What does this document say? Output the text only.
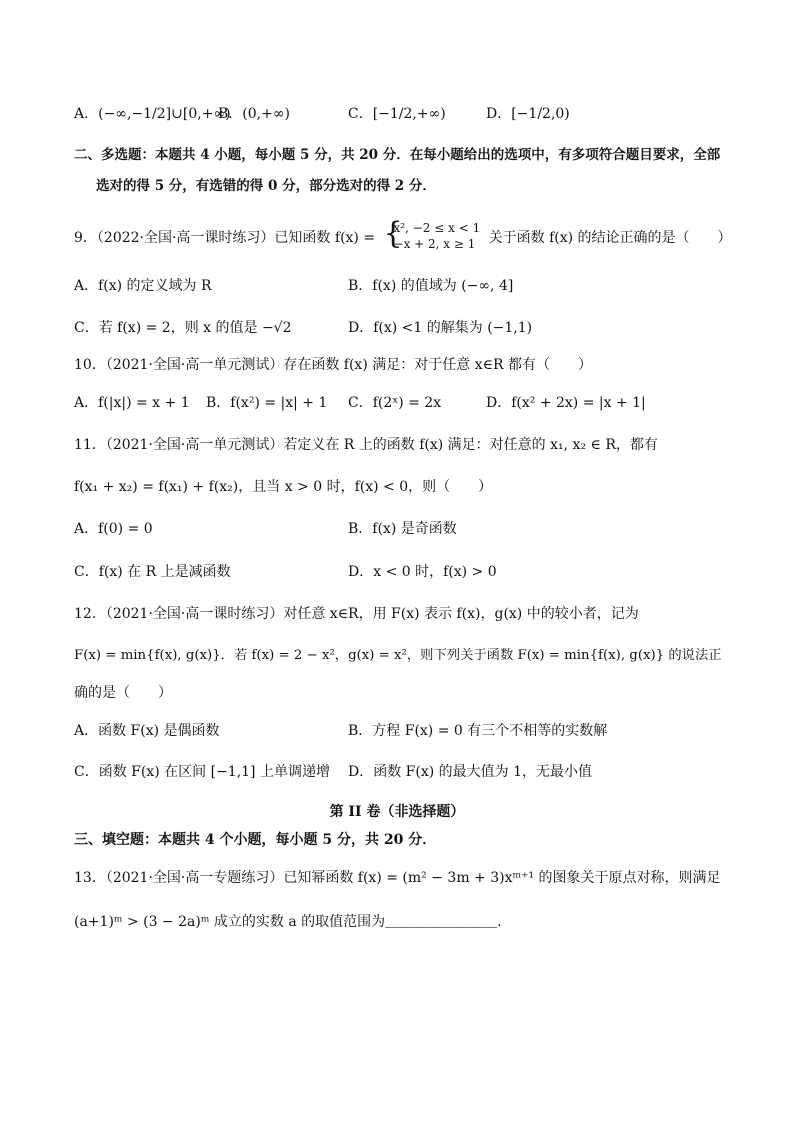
A．(−∞,−1/2]∪[0,+∞)
B．(0,+∞)	C．[−1/2,+∞)	D．[−1/2,0)
二、多选题：本题共 4 小题，每小题 5 分，共 20 分．在每小题给出的选项中，有多项符合题目要求，全部
选对的得 5 分，有选错的得 0 分，部分选对的得 2 分．
9．（2022·全国·高一课时练习）已知函数 f(x) = {
x², −2 ≤ x < 1
−x + 2, x ≥ 1 关于函数 f(x) 的结论正确的是（　　）
A．f(x) 的定义域为 R	B．f(x) 的值域为 (−∞, 4]
C．若 f(x) = 2，则 x 的值是 −√2	D．f(x) <1 的解集为 (−1,1)
10．（2021·全国·高一单元测试）存在函数 f(x) 满足：对于任意 x∈R 都有（　　）
A．f(|x|) = x + 1 B．f(x²) = |x| + 1 C．f(2ˣ) = 2x	D．f(x² + 2x) = |x + 1|
11．（2021·全国·高一单元测试）若定义在 R 上的函数 f(x) 满足：对任意的 x₁, x₂ ∈ R，都有
f(x₁ + x₂) = f(x₁) + f(x₂)，且当 x > 0 时，f(x) < 0，则（　　）
A．f(0) = 0	B．f(x) 是奇函数
C．f(x) 在 R 上是减函数	D．x < 0 时，f(x) > 0
12．（2021·全国·高一课时练习）对任意 x∈R，用 F(x) 表示 f(x)，g(x) 中的较小者，记为
F(x) = min{f(x), g(x)}．若 f(x) = 2 − x²，g(x) = x²，则下列关于函数 F(x) = min{f(x), g(x)} 的说法正
确的是（　　）
A．函数 F(x) 是偶函数	B．方程 F(x) = 0 有三个不相等的实数解
C．函数 F(x) 在区间 [−1,1] 上单调递增 D．函数 F(x) 的最大值为 1，无最小值
第 II 卷（非选择题）
三、填空题：本题共 4 个小题，每小题 5 分，共 20 分．
13．（2021·全国·高一专题练习）已知幂函数 f(x) = (m² − 3m + 3)xᵐ⁺¹ 的图象关于原点对称，则满足
(a+1)ᵐ > (3 − 2a)ᵐ 成立的实数 a 的取值范围为＿＿＿＿＿＿＿＿.
